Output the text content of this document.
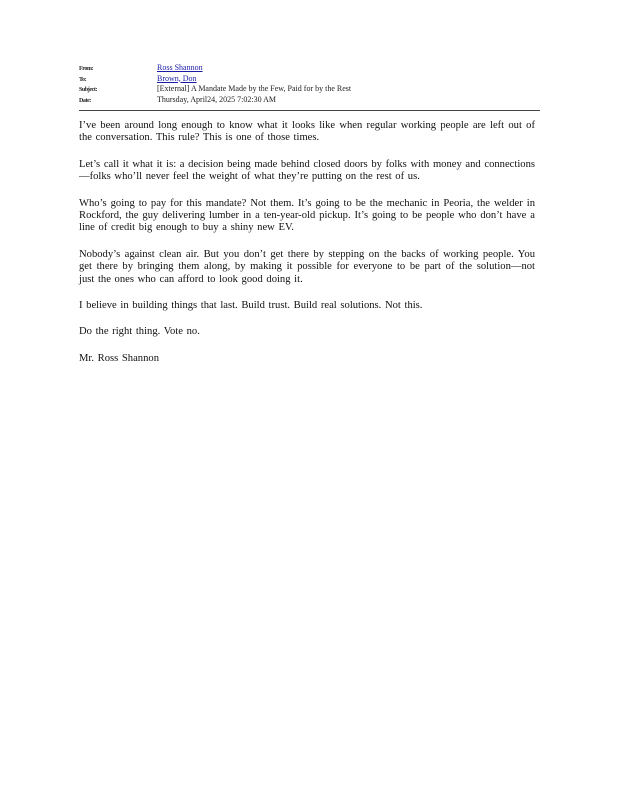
From:	Ross Shannon
To:	Brown, Don
Subject:	[External] A Mandate Made by the Few, Paid for by the Rest
Date:	Thursday, April24, 2025 7:02:30 AM

I’ve been around long enough to know what it looks like when regular working people are left out of the conversation. This rule? This is one of those times.

Let’s call it what it is: a decision being made behind closed doors by folks with money and connections—folks who’ll never feel the weight of what they’re putting on the rest of us.

Who’s going to pay for this mandate? Not them. It’s going to be the mechanic in Peoria, the welder in Rockford, the guy delivering lumber in a ten-year-old pickup. It’s going to be people who don’t have a line of credit big enough to buy a shiny new EV.

Nobody’s against clean air. But you don’t get there by stepping on the backs of working people. You get there by bringing them along, by making it possible for everyone to be part of the solution—not just the ones who can afford to look good doing it.

I believe in building things that last. Build trust. Build real solutions. Not this.

Do the right thing. Vote no.

Mr. Ross Shannon
